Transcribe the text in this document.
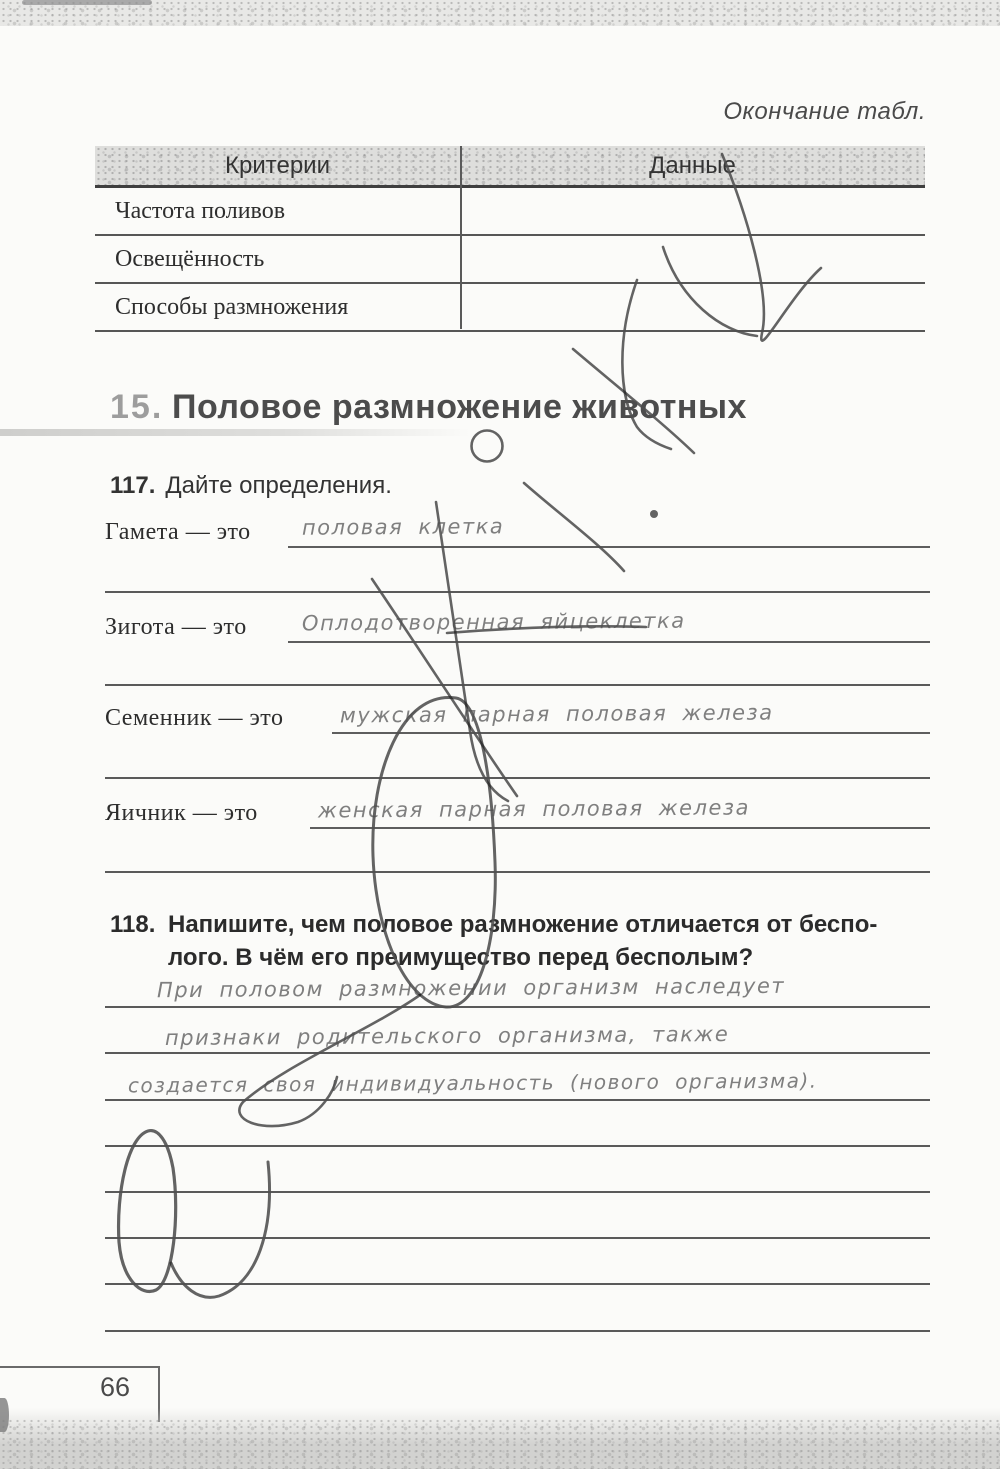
Окончание табл.
Критерии	Данные
Частота поливов
Освещённость
Способы размножения
15. Половое размножение животных
117. Дайте определения.
Гамета — это половая клетка
Зигота — это	Оплодотворенная яйцеклетка
Семенник — это	мужская парная половая железа
Яичник — это	женская парная половая железа
118. Напишите, чем половое размножение отличается от беспо-
лого. В чём его преимущество перед бесполым?
При половом размножении организм наследует
признаки родительского организма, также
создается своя индивидуальность (нового организма).
66
